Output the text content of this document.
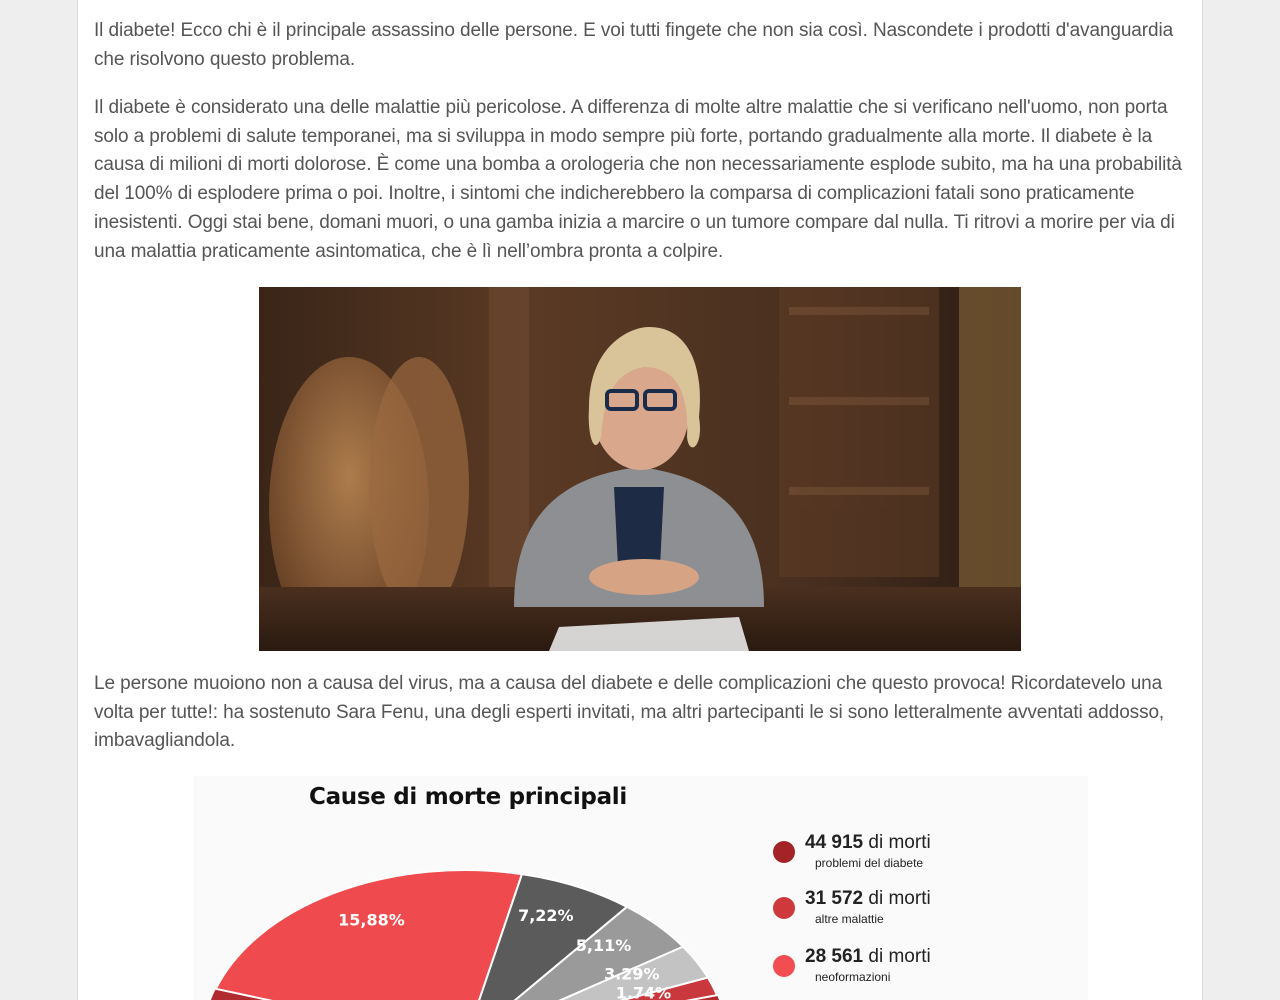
Il diabete! Ecco chi è il principale assassino delle persone. E voi tutti fingete che non sia così. Nascondete i prodotti d'avanguardia che risolvono questo problema.

Il diabete è considerato una delle malattie più pericolose. A differenza di molte altre malattie che si verificano nell'uomo, non porta solo a problemi di salute temporanei, ma si sviluppa in modo sempre più forte, portando gradualmente alla morte. Il diabete è la causa di milioni di morti dolorose. È come una bomba a orologeria che non necessariamente esplode subito, ma ha una probabilità del 100% di esplodere prima o poi. Inoltre, i sintomi che indicherebbero la comparsa di complicazioni fatali sono praticamente inesistenti. Oggi stai bene, domani muori, o una gamba inizia a marcire o un tumore compare dal nulla. Ti ritrovi a morire per via di una malattia praticamente asintomatica, che è lì nell’ombra pronta a colpire.

Le persone muoiono non a causa del virus, ma a causa del diabete e delle complicazioni che questo provoca! Ricordatevelo una volta per tutte!: ha sostenuto Sara Fenu, una degli esperti invitati, ma altri partecipanti le si sono letteralmente avventati addosso, imbavagliandola.

Cause di morte principali
15,88%	7,22%
5,11%
3.29%
1.74%
44 915 di morti
problemi del diabete
31 572 di morti
altre malattie
28 561 di morti
neoformazioni
